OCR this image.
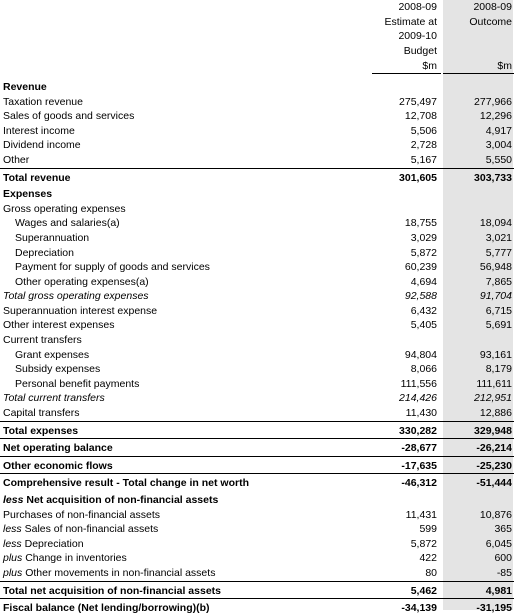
	2008-09		2008-09
	Estimate at		Outcome
	2009-10		
	Budget		
	$m		$m

Revenue			
Taxation revenue	275,497		277,966
Sales of goods and services	12,708		12,296
Interest income	5,506		4,917
Dividend income	2,728		3,004
Other	5,167		5,550
Total revenue	301,605		303,733
Expenses			
Gross operating expenses			
Wages and salaries(a)	18,755		18,094
Superannuation	3,029		3,021
Depreciation	5,872		5,777
Payment for supply of goods and services	60,239		56,948
Other operating expenses(a)	4,694		7,865
Total gross operating expenses	92,588		91,704
Superannuation interest expense	6,432		6,715
Other interest expenses	5,405		5,691
Current transfers			
Grant expenses	94,804		93,161
Subsidy expenses	8,066		8,179
Personal benefit payments	111,556		111,611
Total current transfers	214,426		212,951
Capital transfers	11,430		12,886
Total expenses	330,282		329,948
Net operating balance	-28,677		-26,214
Other economic flows	-17,635		-25,230
Comprehensive result - Total change in net worth	-46,312		-51,444
less Net acquisition of non-financial assets			
Purchases of non-financial assets	11,431		10,876
less Sales of non-financial assets	599		365
less Depreciation	5,872		6,045
plus Change in inventories	422		600
plus Other movements in non-financial assets	80		-85
Total net acquisition of non-financial assets	5,462		4,981
Fiscal balance (Net lending/borrowing)(b)	-34,139		-31,195
